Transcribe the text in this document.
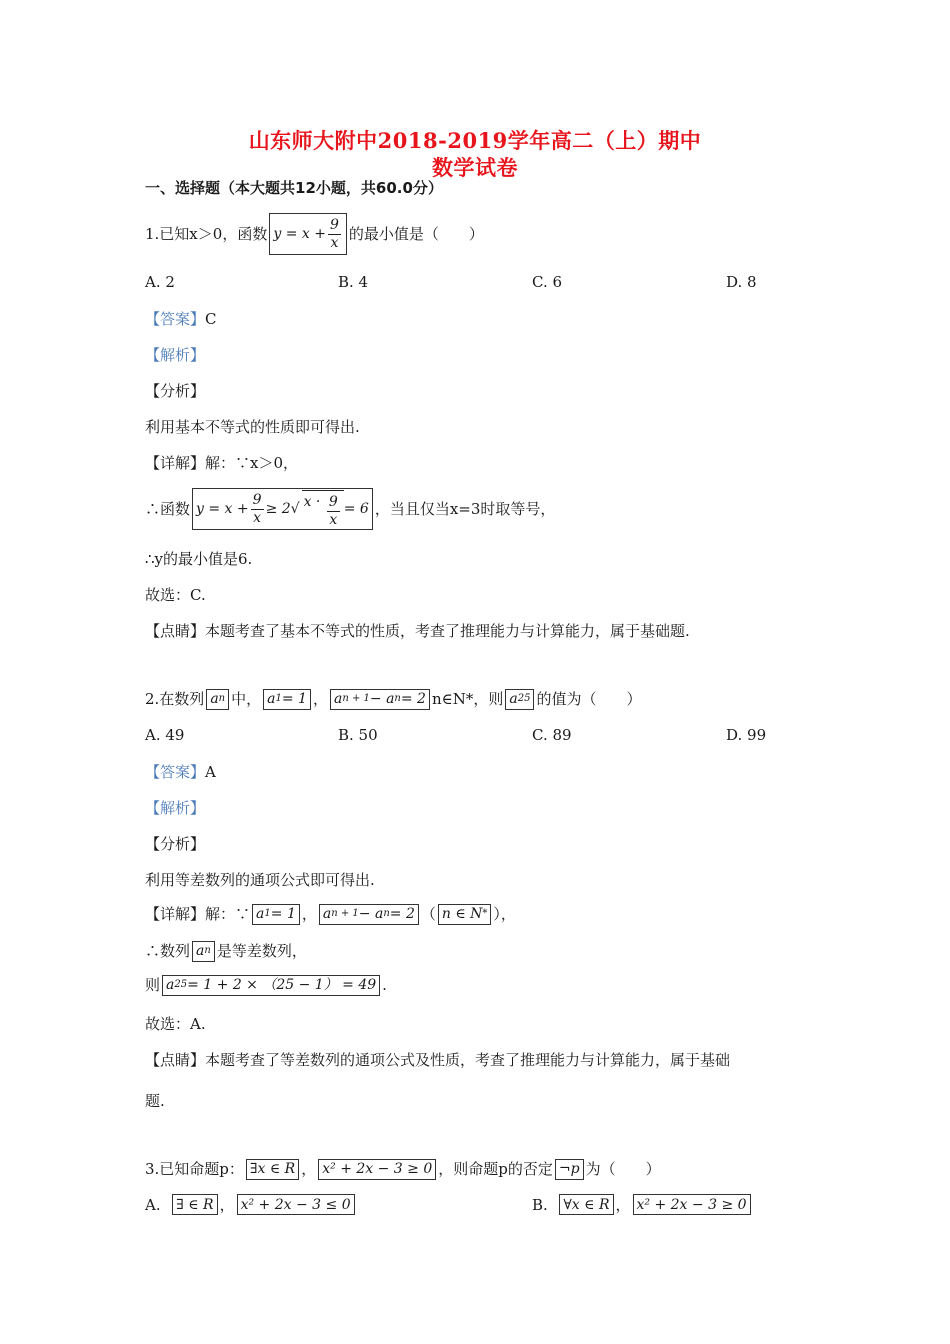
山东师大附中2018-2019学年高二（上）期中
数学试卷
一、选择题（本大题共12小题，共60.0分）
1.已知x＞0，函数 $y = x + \frac{9}{x}$ 的最小值是（　　）
A. 2	B. 4	C. 6	D. 8
【答案】 C
【解析】
【分析】
利用基本不等式的性质即可得出.
【详解】 解：∵x＞0，
∴函数 $y = x + \frac{9}{x} \ge 2$ √ $x \cdot \frac{9}{x} = 6$ ，当且仅当x=3时取等号，
∴y的最小值是6.
故选：C.
【点睛】 本题考查了基本不等式的性质，考查了推理能力与计算能力，属于基础题.
2.在数列 a n 中， a 1 = 1 ， a n + 1 − a n = 2 n∈N*，则 a 25 的值为（　　）
A. 49	B. 50	C. 89	D. 99
【答案】 A
【解析】
【分析】
利用等差数列的通项公式即可得出.
【详解】 解：∵ a 1 = 1 ， a n + 1 − a n = 2 （ n ∈ N * ），
∴数列 a n 是等差数列，
则 a 25 = 1 + 2 × （25 − 1） = 49 .
故选：A.
【点睛】 本题考查了等差数列的通项公式及性质，考查了推理能力与计算能力，属于基础
题.
3.已知命题p： ∃x ∈ R ， x² + 2x − 3 ≥ 0 ，则命题p的否定 ¬p 为（　　）
A.
∃ ∈ R ， x² + 2x − 3 ≤ 0	B.
∀x ∈ R ， x² + 2x − 3 ≥ 0
